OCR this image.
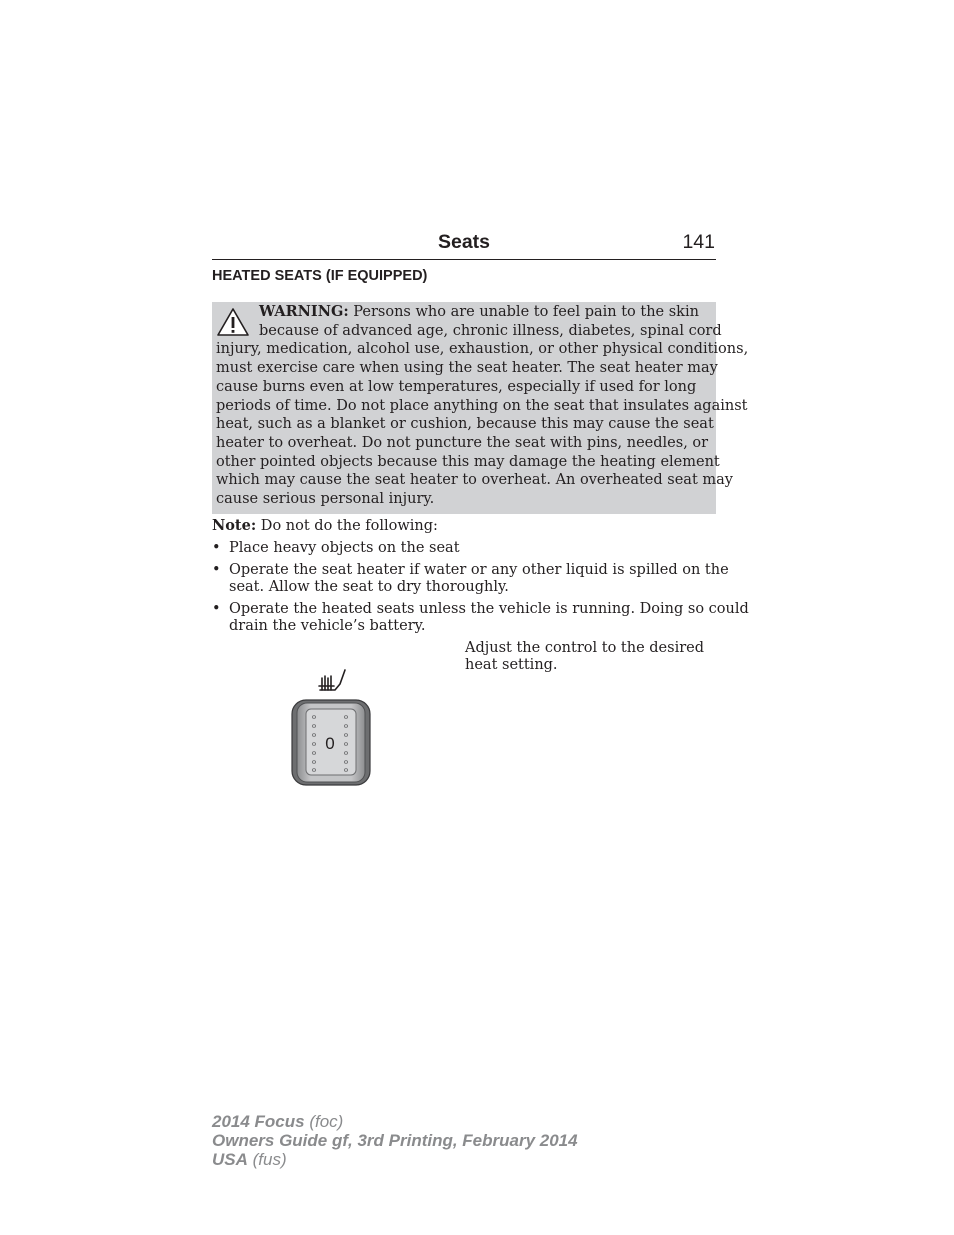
Seats	141
HEATED SEATS (IF EQUIPPED)
WARNING: Persons who are unable to feel pain to the skin
because of advanced age, chronic illness, diabetes, spinal cord
injury, medication, alcohol use, exhaustion, or other physical conditions,
must exercise care when using the seat heater. The seat heater may
cause burns even at low temperatures, especially if used for long
periods of time. Do not place anything on the seat that insulates against
heat, such as a blanket or cushion, because this may cause the seat
heater to overheat. Do not puncture the seat with pins, needles, or
other pointed objects because this may damage the heating element
which may cause the seat heater to overheat. An overheated seat may
cause serious personal injury.
Note: Do not do the following:
• Place heavy objects on the seat
• Operate the seat heater if water or any other liquid is spilled on the
seat. Allow the seat to dry thoroughly.
• Operate the heated seats unless the vehicle is running. Doing so could
drain the vehicle’s battery.
Adjust the control to the desired
heat setting.
0
2014 Focus (foc)
Owners Guide gf, 3rd Printing, February 2014
USA (fus)
